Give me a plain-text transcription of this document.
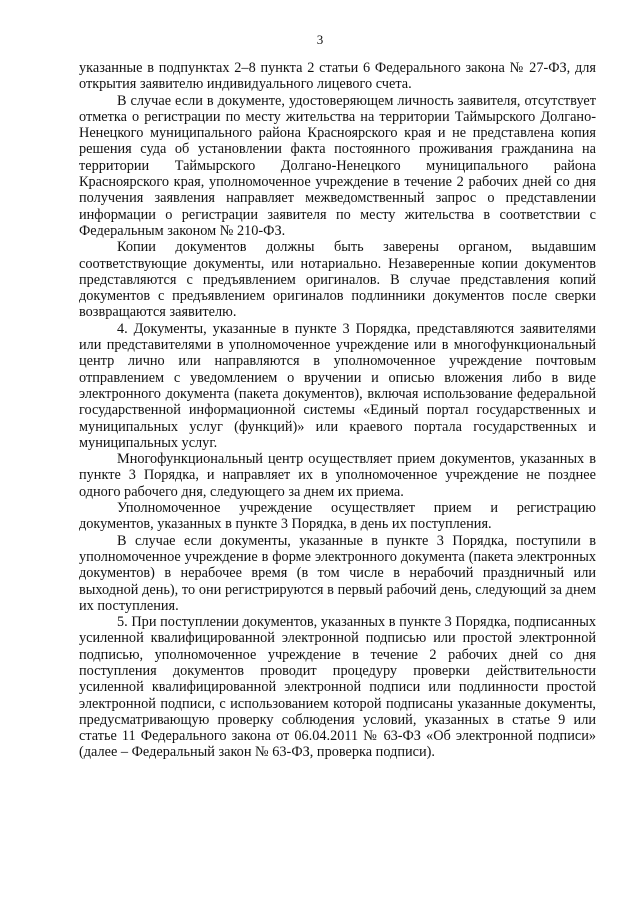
3

указанные в подпунктах 2–8 пункта 2 статьи 6 Федерального закона № 27-ФЗ, для открытия заявителю индивидуального лицевого счета.

В случае если в документе, удостоверяющем личность заявителя, отсутствует отметка о регистрации по месту жительства на территории Таймырского Долгано-Ненецкого муниципального района Красноярского края и не представлена копия решения суда об установлении факта постоянного проживания гражданина на территории Таймырского Долгано-Ненецкого муниципального района Красноярского края, уполномоченное учреждение в течение 2 рабочих дней со дня получения заявления направляет межведомственный запрос о представлении информации о регистрации заявителя по месту жительства в соответствии с Федеральным законом № 210-ФЗ.

Копии документов должны быть заверены органом, выдавшим соответствующие документы, или нотариально. Незаверенные копии документов представляются с предъявлением оригиналов. В случае представления копий документов с предъявлением оригиналов подлинники документов после сверки возвращаются заявителю.

4. Документы, указанные в пункте 3 Порядка, представляются заявителями или представителями в уполномоченное учреждение или в многофункциональный центр лично или направляются в уполномоченное учреждение почтовым отправлением с уведомлением о вручении и описью вложения либо в виде электронного документа (пакета документов), включая использование федеральной государственной информационной системы «Единый портал государственных и муниципальных услуг (функций)» или краевого портала государственных и муниципальных услуг.

Многофункциональный центр осуществляет прием документов, указанных в пункте 3 Порядка, и направляет их в уполномоченное учреждение не позднее одного рабочего дня, следующего за днем их приема.

Уполномоченное учреждение осуществляет прием и регистрацию документов, указанных в пункте 3 Порядка, в день их поступления.

В случае если документы, указанные в пункте 3 Порядка, поступили в уполномоченное учреждение в форме электронного документа (пакета электронных документов) в нерабочее время (в том числе в нерабочий праздничный или выходной день), то они регистрируются в первый рабочий день, следующий за днем их поступления.

5. При поступлении документов, указанных в пункте 3 Порядка, подписанных усиленной квалифицированной электронной подписью или простой электронной подписью, уполномоченное учреждение в течение 2 рабочих дней со дня поступления документов проводит процедуру проверки действительности усиленной квалифицированной электронной подписи или подлинности простой электронной подписи, с использованием которой подписаны указанные документы, предусматривающую проверку соблюдения условий, указанных в статье 9 или статье 11 Федерального закона от 06.04.2011 № 63-ФЗ «Об электронной подписи» (далее – Федеральный закон № 63-ФЗ, проверка подписи).
